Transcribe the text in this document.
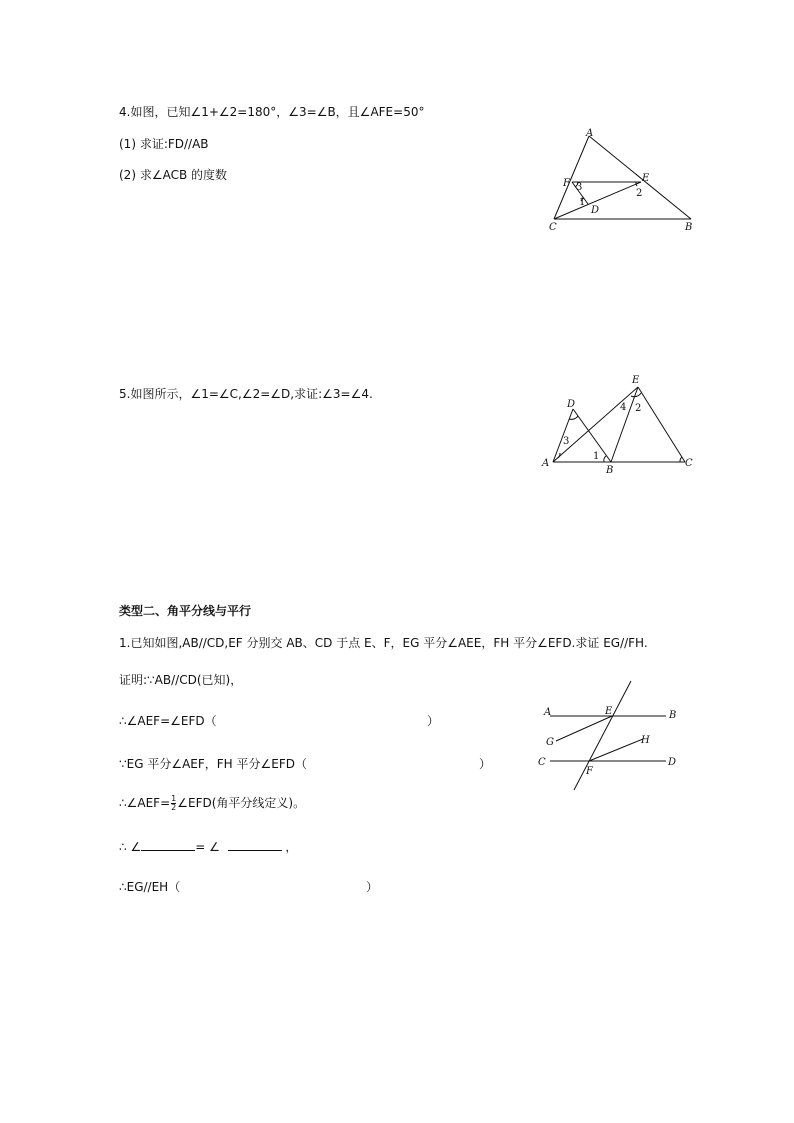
4.如图，已知∠1+∠2=180°，∠3=∠B，且∠AFE=50°
(1) 求证:FD//AB
(2) 求∠ACB 的度数
A
F	E
3
2
1
D
C	B
5.如图所示，∠1=∠C,∠2=∠D,求证:∠3=∠4.
E
D	4 2
3
1
A
B
C
类型二、角平分线与平行
1.已知如图,AB//CD,EF 分别交 AB、CD 于点 E、F，EG 平分∠AEE，FH 平分∠EFD.求证 EG//FH.
证明:∵AB//CD(已知)，
∴∠AEF=∠EFD（	）
∵EG 平分∠AEF，FH 平分∠EFD（	）
∴∠AEF= $\frac{1}{2}$ ∠EFD(角平分线定义)。
∴ ∠	= ∠	，
∴EG//EH（	）
A	E	B
G	H
C
F
D
